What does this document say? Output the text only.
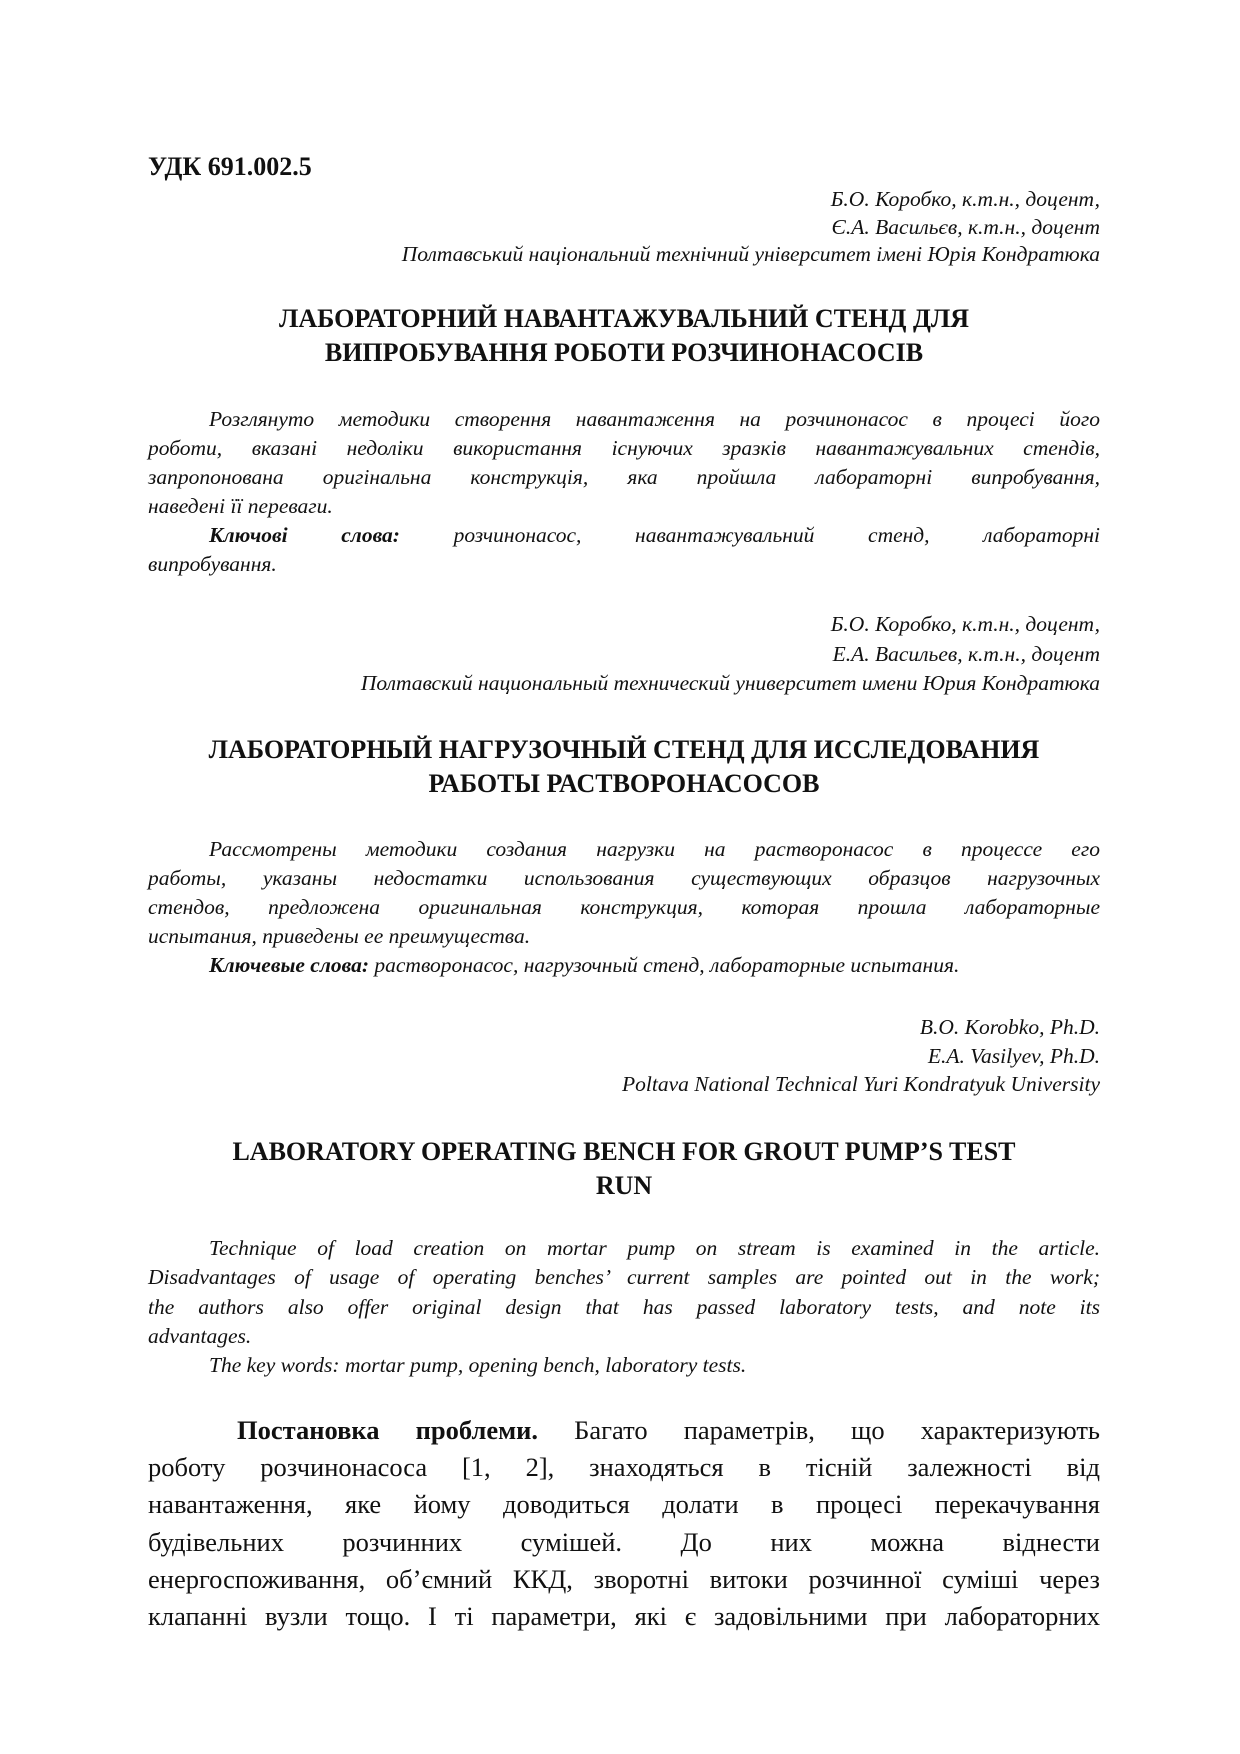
УДК 691.002.5
Б.О. Коробко, к.т.н., доцент,
Є.А. Васильєв, к.т.н., доцент
Полтавський національний технічний університет імені Юрія Кондратюка
ЛАБОРАТОРНИЙ НАВАНТАЖУВАЛЬНИЙ СТЕНД ДЛЯ
ВИПРОБУВАННЯ РОБОТИ РОЗЧИНОНАСОСІВ
Розглянуто методики створення навантаження на розчинонасос в процесі його
роботи, вказані недоліки використання існуючих зразків навантажувальних стендів,
запропонована оригінальна конструкція, яка пройшла лабораторні випробування,
наведені її переваги.
Ключові слова: розчинонасос, навантажувальний стенд, лабораторні
випробування.
Б.О. Коробко, к.т.н., доцент,
Е.А. Васильев, к.т.н., доцент
Полтавский национальный технический университет имени Юрия Кондратюка
ЛАБОРАТОРНЫЙ НАГРУЗОЧНЫЙ СТЕНД ДЛЯ ИССЛЕДОВАНИЯ
РАБОТЫ РАСТВОРОНАСОСОВ
Рассмотрены методики создания нагрузки на растворонасос в процессе его
работы, указаны недостатки использования существующих образцов нагрузочных
стендов, предложена оригинальная конструкция, которая прошла лабораторные
испытания, приведены ее преимущества.
Ключевые слова: растворонасос, нагрузочный стенд, лабораторные испытания.
B.O. Korobko, Ph.D.
E.A. Vasilyev, Ph.D.
Poltava National Technical Yuri Kondratyuk University
LABORATORY OPERATING BENCH FOR GROUT PUMP’S TEST
RUN
Technique of load creation on mortar pump on stream is examined in the article.
Disadvantages of usage of operating benches’ current samples are pointed out in the work;
the authors also offer original design that has passed laboratory tests, and note its
advantages.
The key words: mortar pump, opening bench, laboratory tests.
Постановка проблеми. Багато параметрів, що характеризують
роботу розчинонасоса [1, 2], знаходяться в тісній залежності від
навантаження, яке йому доводиться долати в процесі перекачування
будівельних розчинних сумішей. До них можна віднести
енергоспоживання, об’ємний ККД, зворотні витоки розчинної суміші через
клапанні вузли тощо. І ті параметри, які є задовільними при лабораторних
